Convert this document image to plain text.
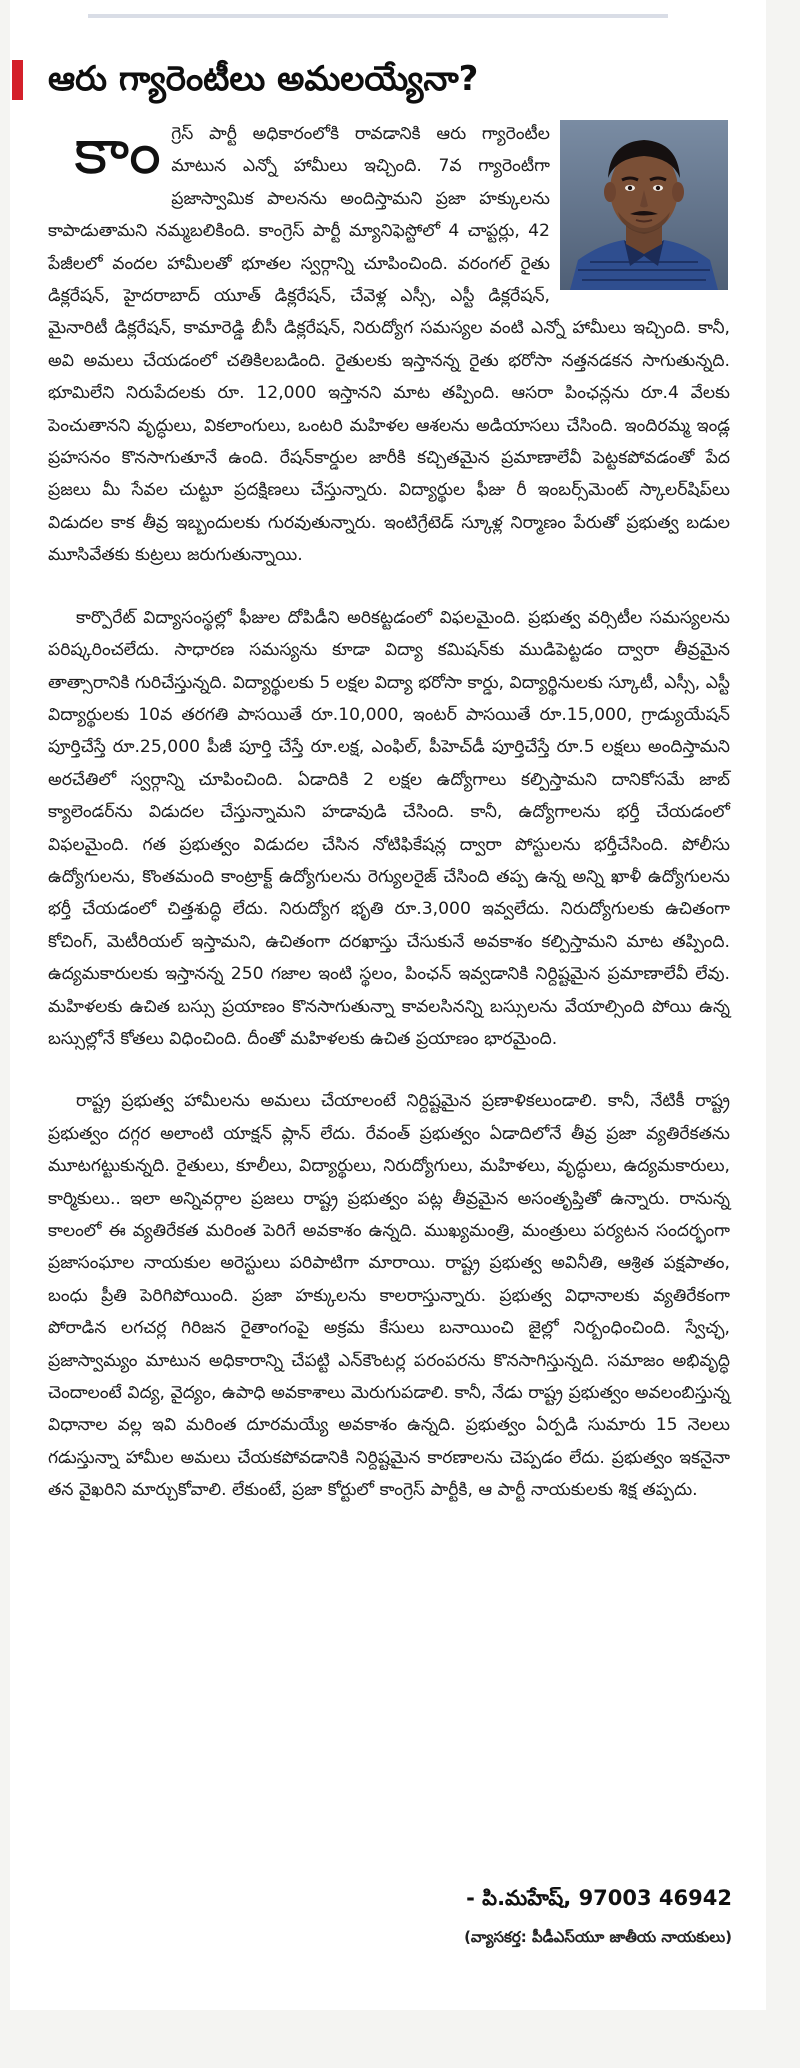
ఆరు గ్యారెంటీలు అమలయ్యేనా?

కాంగ్రెస్ పార్టీ అధికారంలోకి రావడానికి ఆరు గ్యారెంటీల మాటున ఎన్నో హామీలు ఇచ్చింది. 7వ గ్యారెంటీగా ప్రజాస్వామిక పాలనను అందిస్తామని ప్రజా హక్కులను కాపాడుతామని నమ్మబలికింది. కాంగ్రెస్ పార్టీ మ్యానిఫెస్టోలో 4 చాప్టర్లు, 42 పేజీలలో వందల హామీలతో భూతల స్వర్గాన్ని చూపించింది. వరంగల్ రైతు డిక్లరేషన్, హైదరాబాద్ యూత్ డిక్లరేషన్, చేవెళ్ల ఎస్సీ, ఎస్టీ డిక్లరేషన్, మైనారిటీ డిక్లరేషన్, కామారెడ్డి బీసీ డిక్లరేషన్, నిరుద్యోగ సమస్యల వంటి ఎన్నో హామీలు ఇచ్చింది. కానీ, అవి అమలు చేయడంలో చతికిలబడింది. రైతులకు ఇస్తానన్న రైతు భరోసా నత్తనడకన సాగుతున్నది. భూమిలేని నిరుపేదలకు రూ. 12,000 ఇస్తానని మాట తప్పింది. ఆసరా పింఛన్లను రూ.4 వేలకు పెంచుతానని వృద్ధులు, వికలాంగులు, ఒంటరి మహిళల ఆశలను అడియాసలు చేసింది. ఇందిరమ్మ ఇండ్ల ప్రహసనం కొనసాగుతూనే ఉంది. రేషన్‌కార్డుల జారీకి కచ్చితమైన ప్రమాణాలేవీ పెట్టకపోవడంతో పేద ప్రజలు మీ సేవల చుట్టూ ప్రదక్షిణలు చేస్తున్నారు. విద్యార్థుల ఫీజు రీ ఇంబర్స్‌మెంట్ స్కాలర్‌షిప్‌లు విడుదల కాక తీవ్ర ఇబ్బందులకు గురవుతున్నారు. ఇంటిగ్రేటెడ్ స్కూళ్ల నిర్మాణం పేరుతో ప్రభుత్వ బడుల మూసివేతకు కుట్రలు జరుగుతున్నాయి.

కార్పొరేట్ విద్యాసంస్థల్లో ఫీజుల దోపిడీని అరికట్టడంలో విఫలమైంది. ప్రభుత్వ వర్సిటీల సమస్యలను పరిష్కరించలేదు. సాధారణ సమస్యను కూడా విద్యా కమిషన్‌కు ముడిపెట్టడం ద్వారా తీవ్రమైన తాత్సారానికి గురిచేస్తున్నది. విద్యార్థులకు 5 లక్షల విద్యా భరోసా కార్డు, విద్యార్థినులకు స్కూటీ, ఎస్సీ, ఎస్టీ విద్యార్థులకు 10వ తరగతి పాసయితే రూ.10,000, ఇంటర్ పాసయితే రూ.15,000, గ్రాడ్యుయేషన్ పూర్తిచేస్తే రూ.25,000 పీజీ పూర్తి చేస్తే రూ.లక్ష, ఎంఫిల్, పీహెచ్‌డీ పూర్తిచేస్తే రూ.5 లక్షలు అందిస్తామని అరచేతిలో స్వర్గాన్ని చూపించింది. ఏడాదికి 2 లక్షల ఉద్యోగాలు కల్పిస్తామని దానికోసమే జాబ్ క్యాలెండర్‌ను విడుదల చేస్తున్నామని హడావుడి చేసింది. కానీ, ఉద్యోగాలను భర్తీ చేయడంలో విఫలమైంది. గత ప్రభుత్వం విడుదల చేసిన నోటిఫికేషన్ల ద్వారా పోస్టులను భర్తీచేసింది. పోలీసు ఉద్యోగులను, కొంతమంది కాంట్రాక్ట్ ఉద్యోగులను రెగ్యులరైజ్ చేసింది తప్ప ఉన్న అన్ని ఖాళీ ఉద్యోగులను భర్తీ చేయడంలో చిత్తశుద్ధి లేదు. నిరుద్యోగ భృతి రూ.3,000 ఇవ్వలేదు. నిరుద్యోగులకు ఉచితంగా కోచింగ్, మెటీరియల్ ఇస్తామని, ఉచితంగా దరఖాస్తు చేసుకునే అవకాశం కల్పిస్తామని మాట తప్పింది. ఉద్యమకారులకు ఇస్తానన్న 250 గజాల ఇంటి స్థలం, పింఛన్ ఇవ్వడానికి నిర్దిష్టమైన ప్రమాణాలేవీ లేవు. మహిళలకు ఉచిత బస్సు ప్రయాణం కొనసాగుతున్నా కావలసినన్ని బస్సులను వేయాల్సింది పోయి ఉన్న బస్సుల్లోనే కోతలు విధించింది. దీంతో మహిళలకు ఉచిత ప్రయాణం భారమైంది.

రాష్ట్ర ప్రభుత్వ హామీలను అమలు చేయాలంటే నిర్దిష్టమైన ప్రణాళికలుండాలి. కానీ, నేటికీ రాష్ట్ర ప్రభుత్వం దగ్గర అలాంటి యాక్షన్ ప్లాన్ లేదు. రేవంత్ ప్రభుత్వం ఏడాదిలోనే తీవ్ర ప్రజా వ్యతిరేకతను మూటగట్టుకున్నది. రైతులు, కూలీలు, విద్యార్థులు, నిరుద్యోగులు, మహిళలు, వృద్ధులు, ఉద్యమకారులు, కార్మికులు.. ఇలా అన్నివర్గాల ప్రజలు రాష్ట్ర ప్రభుత్వం పట్ల తీవ్రమైన అసంతృప్తితో ఉన్నారు. రానున్న కాలంలో ఈ వ్యతిరేకత మరింత పెరిగే అవకాశం ఉన్నది. ముఖ్యమంత్రి, మంత్రులు పర్యటన సందర్భంగా ప్రజాసంఘాల నాయకుల అరెస్టులు పరిపాటిగా మారాయి. రాష్ట్ర ప్రభుత్వ అవినీతి, ఆశ్రిత పక్షపాతం, బంధు ప్రీతి పెరిగిపోయింది. ప్రజా హక్కులను కాలరాస్తున్నారు. ప్రభుత్వ విధానాలకు వ్యతిరేకంగా పోరాడిన లగచర్ల గిరిజన రైతాంగంపై అక్రమ కేసులు బనాయించి జైల్లో నిర్బంధించింది. స్వేచ్ఛ, ప్రజాస్వామ్యం మాటున అధికారాన్ని చేపట్టి ఎన్‌కౌంటర్ల పరంపరను కొనసాగిస్తున్నది. సమాజం అభివృద్ధి చెందాలంటే విద్య, వైద్యం, ఉపాధి అవకాశాలు మెరుగుపడాలి. కానీ, నేడు రాష్ట్ర ప్రభుత్వం అవలంబిస్తున్న విధానాల వల్ల ఇవి మరింత దూరమయ్యే అవకాశం ఉన్నది. ప్రభుత్వం ఏర్పడి సుమారు 15 నెలలు గడుస్తున్నా హామీల అమలు చేయకపోవడానికి నిర్దిష్టమైన కారణాలను చెప్పడం లేదు. ప్రభుత్వం ఇకనైనా తన వైఖరిని మార్చుకోవాలి. లేకుంటే, ప్రజా కోర్టులో కాంగ్రెస్ పార్టీకి, ఆ పార్టీ నాయకులకు శిక్ష తప్పదు.

- పి.మహేష్, 97003 46942
(వ్యాసకర్త: పీడీఎస్‌యూ జాతీయ నాయకులు)
